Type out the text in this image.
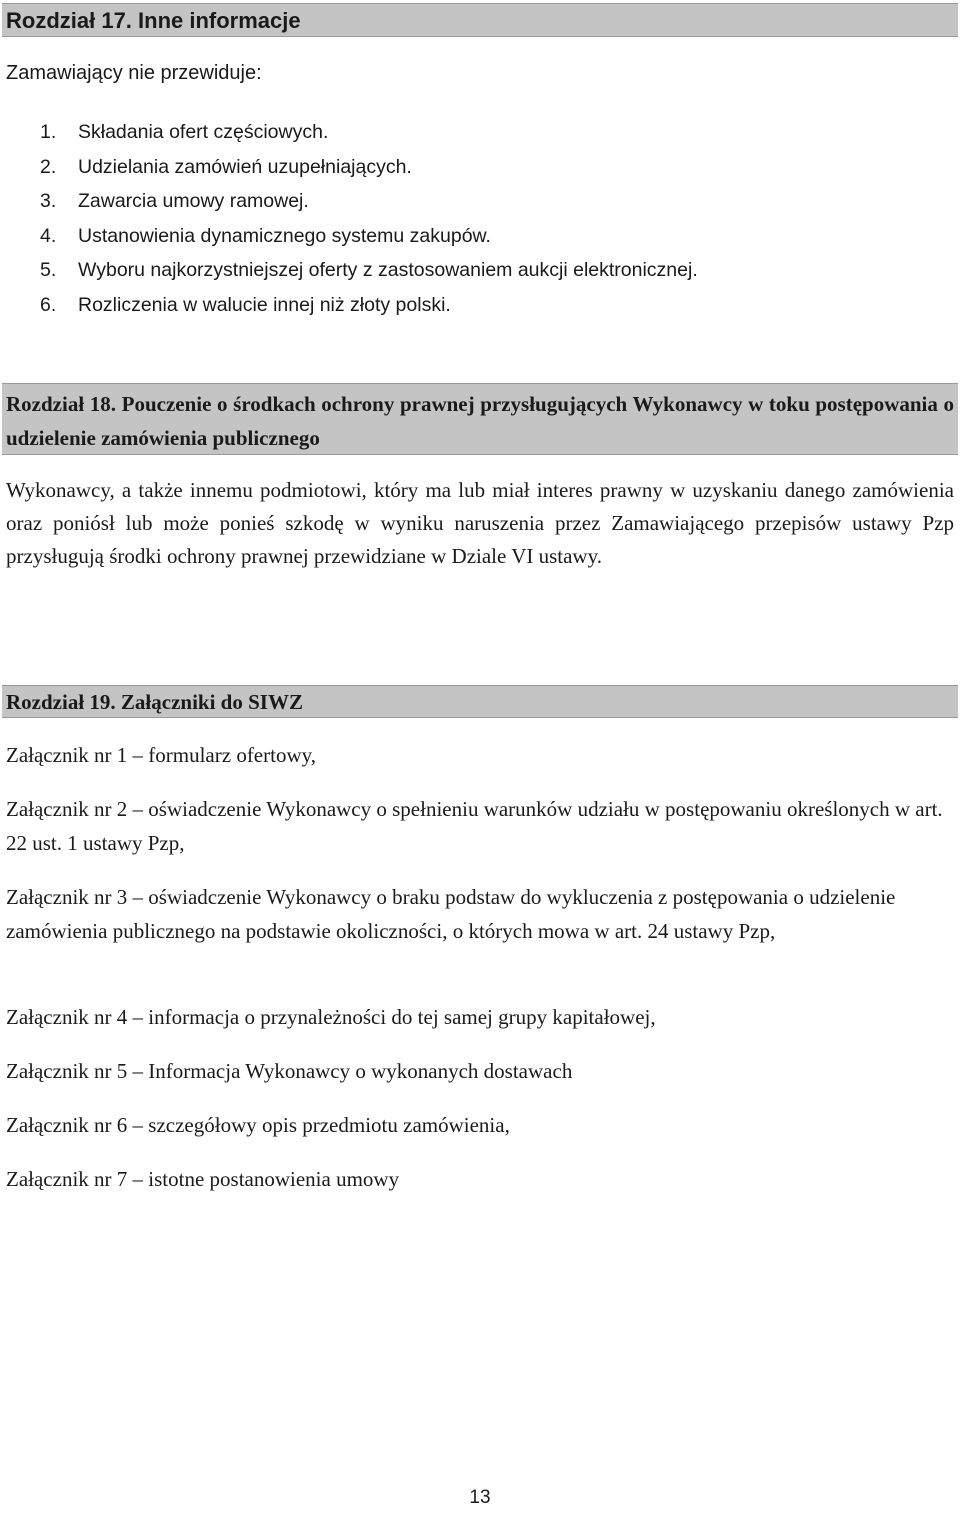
Rozdział 17. Inne informacje
Zamawiający nie przewiduje:
1.	Składania ofert częściowych.
2.	Udzielania zamówień uzupełniających.
3.	Zawarcia umowy ramowej.
4.	Ustanowienia dynamicznego systemu zakupów.
5.	Wyboru najkorzystniejszej oferty z zastosowaniem aukcji elektronicznej.
6.	Rozliczenia w walucie innej niż złoty polski.
Rozdział 18. Pouczenie o środkach ochrony prawnej przysługujących Wykonawcy w toku postępowania o udzielenie zamówienia publicznego
Wykonawcy, a także innemu podmiotowi, który ma lub miał interes prawny w uzyskaniu danego zamówienia oraz poniósł lub może ponieś szkodę w wyniku naruszenia przez Zamawiającego przepisów ustawy Pzp przysługują środki ochrony prawnej przewidziane w Dziale VI ustawy.
Rozdział 19. Załączniki do SIWZ
Załącznik nr 1 – formularz ofertowy,
Załącznik nr 2 – oświadczenie Wykonawcy o spełnieniu warunków udziału w postępowaniu określonych w art. 22 ust. 1 ustawy Pzp,
Załącznik nr 3 – oświadczenie Wykonawcy o braku podstaw do wykluczenia z postępowania o udzielenie zamówienia publicznego na podstawie okoliczności, o których mowa w art. 24 ustawy Pzp,
Załącznik nr 4 – informacja o przynależności do tej samej grupy kapitałowej,
Załącznik nr 5 – Informacja Wykonawcy o wykonanych dostawach
Załącznik nr 6 – szczegółowy opis przedmiotu zamówienia,
Załącznik nr 7 – istotne postanowienia umowy
13
